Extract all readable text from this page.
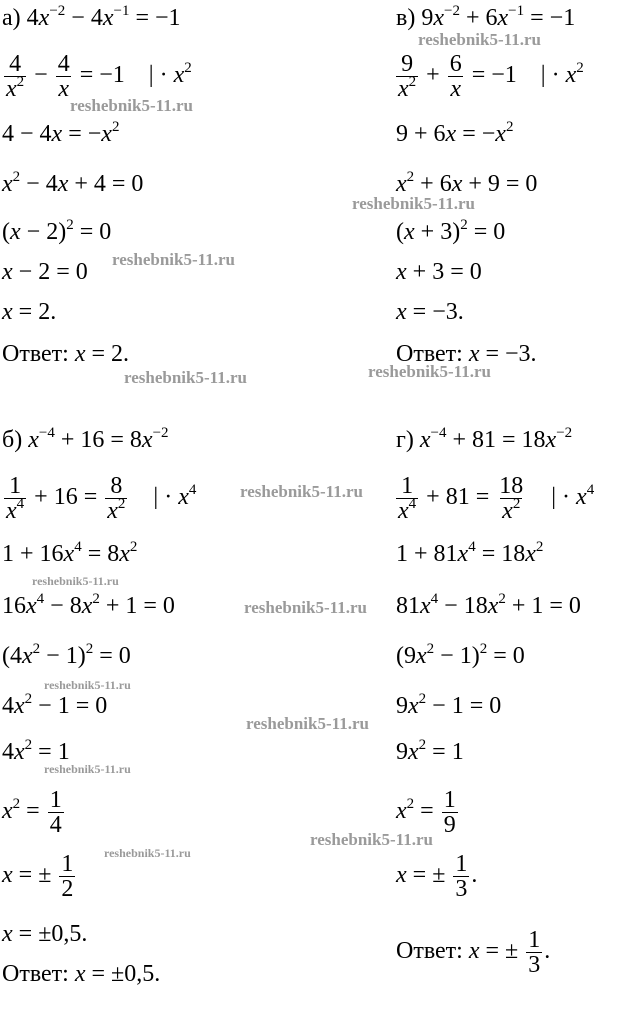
а) $4x^{-2} - 4x^{-1} = -1$
$\frac{4}{x^2} - \frac{4}{x} = -1$    | · $x^2$
$4 - 4x = -x^2$
$x^2 - 4x + 4 = 0$
$(x - 2)^2 = 0$
x − 2 = 0
x = 2.
Ответ: x = 2.
в) $9x^{-2} + 6x^{-1} = -1$
$\frac{9}{x^2} + \frac{6}{x} = -1$    | · $x^2$
$9 + 6x = -x^2$
$x^2 + 6x + 9 = 0$
$(x + 3)^2 = 0$
x + 3 = 0
x = −3.
Ответ: x = −3.
б) $x^{-4} + 16 = 8x^{-2}$
$\frac{1}{x^4} + 16 = \frac{8}{x^2}$ | · $x^4$
$1 + 16x^4 = 8x^2$
$16x^4 - 8x^2 + 1 = 0$
$(4x^2 - 1)^2 = 0$
$4x^2 - 1 = 0$
$4x^2 = 1$
$x^2 = \frac{1}{4}$
x = ± $\frac{1}{2}$
x = ±0,5.
Ответ: x = ±0,5.
г) $x^{-4} + 81 = 18x^{-2}$
$\frac{1}{x^4} + 81 = \frac{18}{x^2}$ | · $x^4$
$1 + 81x^4 = 18x^2$
$81x^4 - 18x^2 + 1 = 0$
$(9x^2 - 1)^2 = 0$
$9x^2 - 1 = 0$
$9x^2 = 1$
$x^2 = \frac{1}{9}$
x = ± $\frac{1}{3}$ .
Ответ: x = ± $\frac{1}{3}$ .
reshebnik5-11.ru
reshebnik5-11.ru
reshebnik5-11.ru
reshebnik5-11.ru
reshebnik5-11.ru
reshebnik5-11.ru
reshebnik5-11.ru
reshebnik5-11.ru
reshebnik5-11.ru
reshebnik5-11.ru
reshebnik5-11.ru
reshebnik5-11.ru
reshebnik5-11.ru
reshebnik5-11.ru
